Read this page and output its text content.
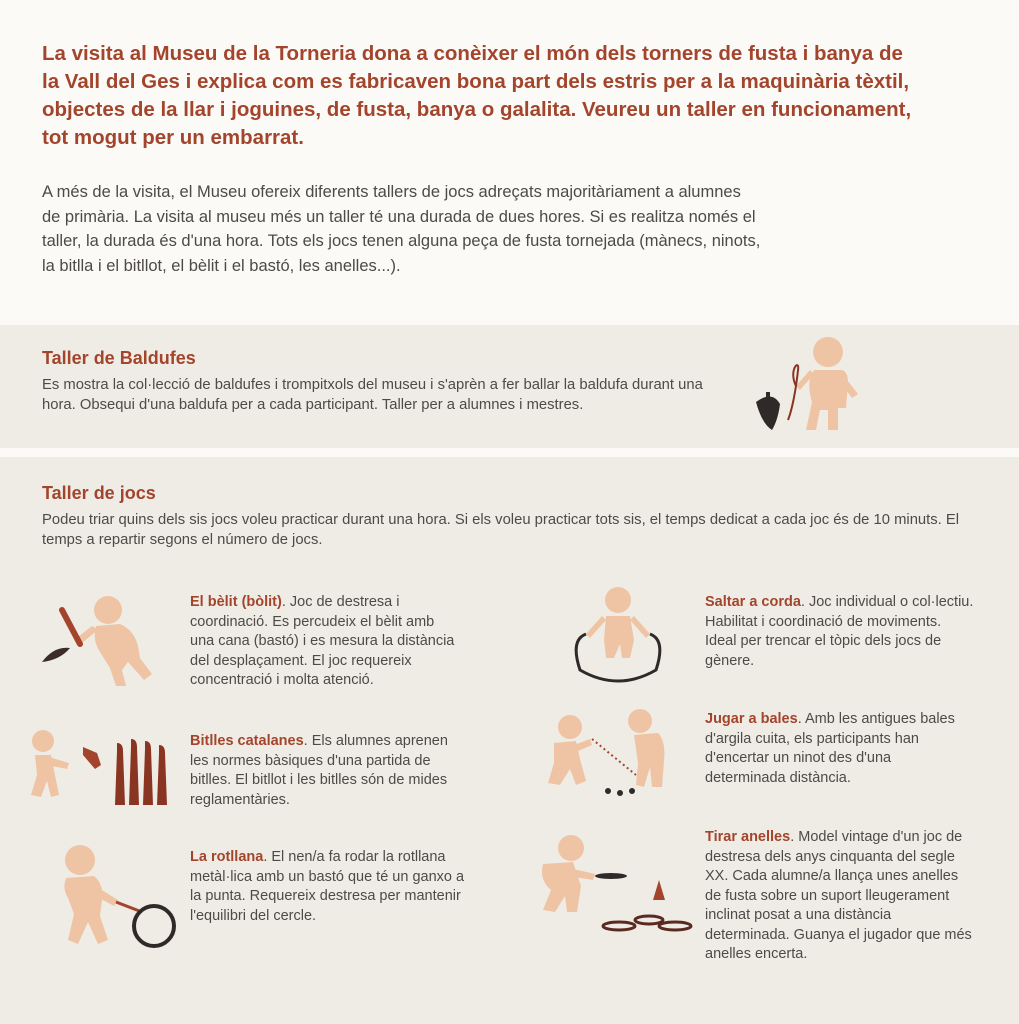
La visita al Museu de la Torneria dona a conèixer el món dels torners de fusta i banya de la Vall del Ges i explica com es fabricaven bona part dels estris per a la maquinària tèxtil, objectes de la llar i joguines, de fusta, banya o galalita. Veureu un taller en funcionament, tot mogut per un embarrat.
A més de la visita, el Museu ofereix diferents tallers de jocs adreçats majoritàriament a alumnes de primària. La visita al museu més un taller té una durada de dues hores. Si es realitza només el taller, la durada és d'una hora. Tots els jocs tenen alguna peça de fusta tornejada (mànecs, ninots, la bitlla i el bitllot, el bèlit i el bastó, les anelles...).
Taller de Baldufes
Es mostra la col·lecció de baldufes i trompitxols del museu i s'aprèn a fer ballar la baldufa durant una hora. Obsequi d'una baldufa per a cada participant. Taller per a alumnes i mestres.
Taller de jocs
Podeu triar quins dels sis jocs voleu practicar durant una hora. Si els voleu practicar tots sis, el temps dedicat a cada joc és de 10 minuts. El temps a repartir segons el número de jocs.
El bèlit (bòlit). Joc de destresa i coordinació. Es percudeix el bèlit amb una cana (bastó) i es mesura la distància del desplaçament. El joc requereix concentració i molta atenció.
Bitlles catalanes. Els alumnes aprenen les normes bàsiques d'una partida de bitlles. El bitllot i les bitlles són de mides reglamentàries.
La rotllana. El nen/a fa rodar la rotllana metàl·lica amb un bastó que té un ganxo a la punta. Requereix destresa per mantenir l'equilibri del cercle.
Saltar a corda. Joc individual o col·lectiu. Habilitat i coordinació de moviments. Ideal per trencar el tòpic dels jocs de gènere.
Jugar a bales. Amb les antigues bales d'argila cuita, els participants han d'encertar un ninot des d'una determinada distància.
Tirar anelles. Model vintage d'un joc de destresa dels anys cinquanta del segle XX. Cada alumne/a llança unes anelles de fusta sobre un suport lleugerament inclinat posat a una distància determinada. Guanya el jugador que més anelles encerta.
